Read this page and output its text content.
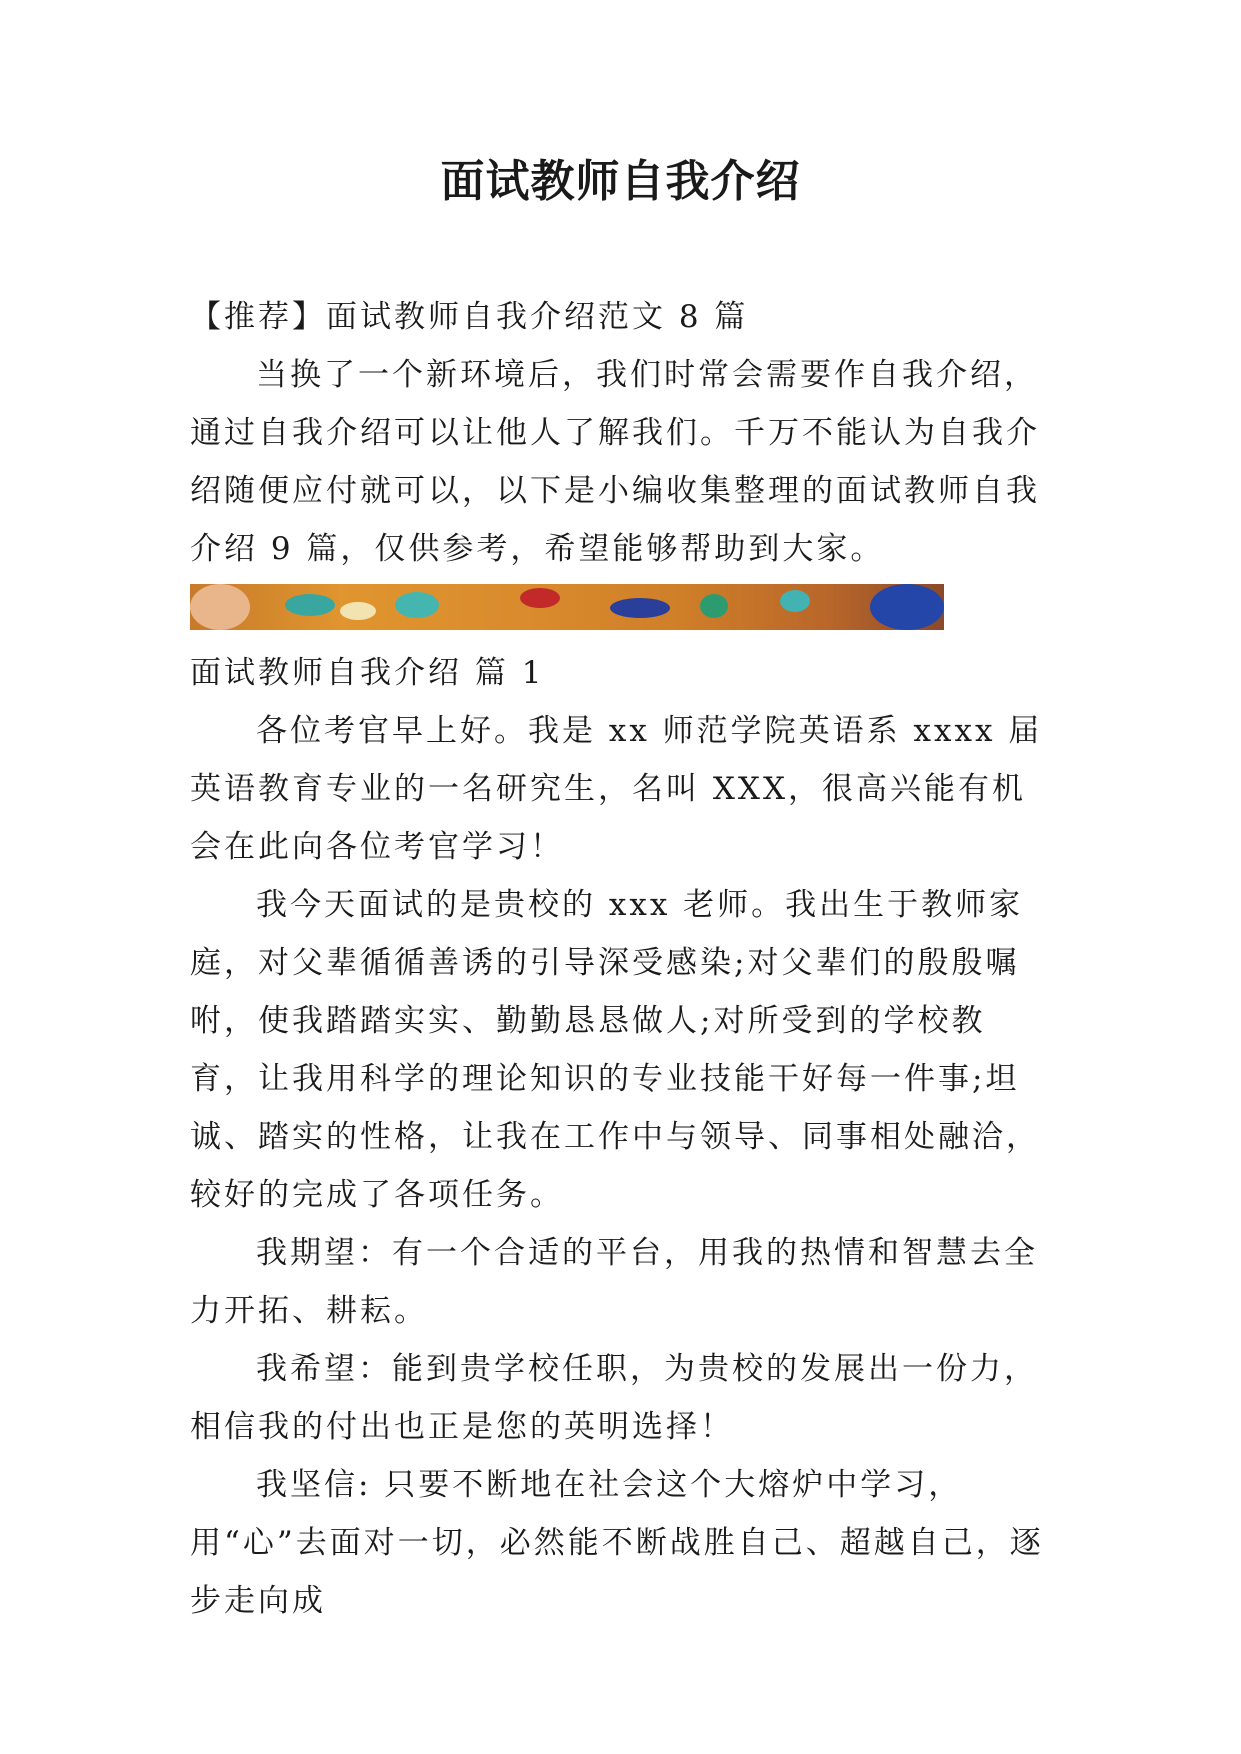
面试教师自我介绍

【推荐】面试教师自我介绍范文 8 篇

当换了一个新环境后，我们时常会需要作自我介绍，通过自我介绍可以让他人了解我们。千万不能认为自我介绍随便应付就可以，以下是小编收集整理的面试教师自我介绍 9 篇，仅供参考，希望能够帮助到大家。

面试教师自我介绍 篇 1

各位考官早上好。我是 xx 师范学院英语系 xxxx 届英语教育专业的一名研究生，名叫 XXX，很高兴能有机会在此向各位考官学习！

我今天面试的是贵校的 xxx 老师。我出生于教师家庭，对父辈循循善诱的引导深受感染;对父辈们的殷殷嘱咐，使我踏踏实实、勤勤恳恳做人;对所受到的学校教育，让我用科学的理论知识的专业技能干好每一件事;坦诚、踏实的性格，让我在工作中与领导、同事相处融洽，较好的完成了各项任务。

我期望：有一个合适的平台，用我的热情和智慧去全力开拓、耕耘。

我希望：能到贵学校任职，为贵校的发展出一份力，相信我的付出也正是您的英明选择！

我坚信: 只要不断地在社会这个大熔炉中学习，用“心”去面对一切，必然能不断战胜自己、超越自己，逐步走向成
